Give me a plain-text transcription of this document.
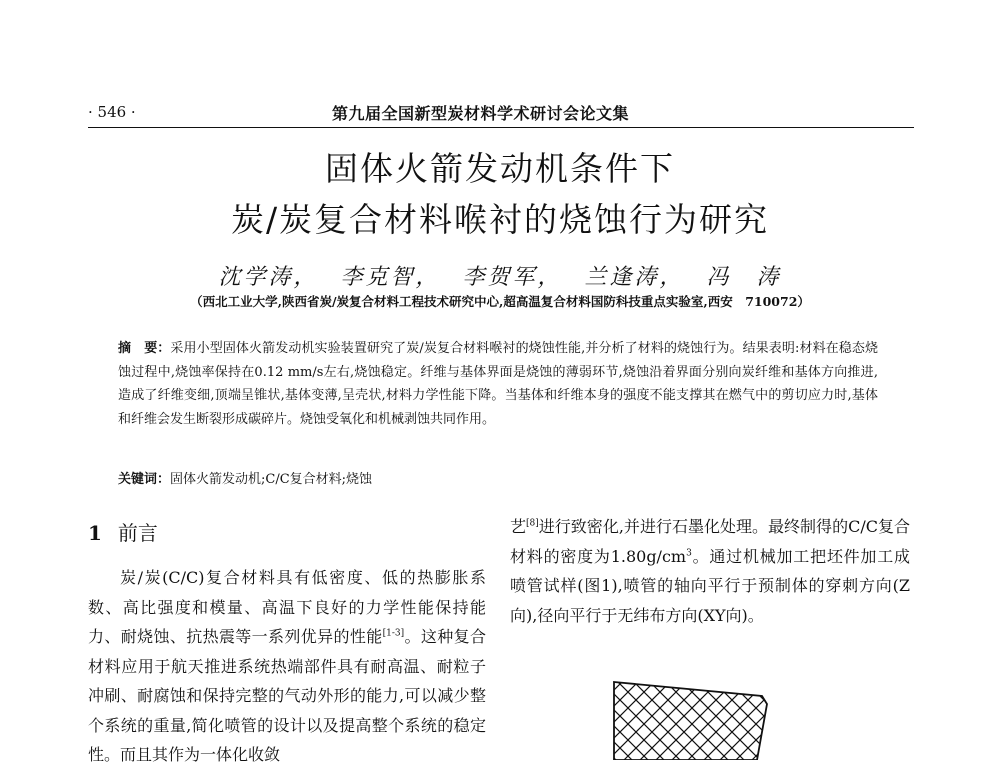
· 546 ·	第九届全国新型炭材料学术研讨会论文集
固体火箭发动机条件下
炭/炭复合材料喉衬的烧蚀行为研究
沈学涛， 李克智， 李贺军， 兰逢涛， 冯　涛
（西北工业大学,陕西省炭/炭复合材料工程技术研究中心,超高温复合材料国防科技重点实验室,西安　710072）
摘　要：采用小型固体火箭发动机实验装置研究了炭/炭复合材料喉衬的烧蚀性能,并分析了材料的烧蚀行为。结果表明:材料在稳态烧蚀过程中,烧蚀率保持在0.12 mm/s左右,烧蚀稳定。纤维与基体界面是烧蚀的薄弱环节,烧蚀沿着界面分别向炭纤维和基体方向推进,造成了纤维变细,顶端呈锥状,基体变薄,呈壳状,材料力学性能下降。当基体和纤维本身的强度不能支撑其在燃气中的剪切应力时,基体和纤维会发生断裂形成碳碎片。烧蚀受氧化和机械剥蚀共同作用。
关键词：固体火箭发动机;C/C复合材料;烧蚀
1 前言

炭/炭(C/C)复合材料具有低密度、低的热膨胀系数、高比强度和模量、高温下良好的力学性能保持能力、耐烧蚀、抗热震等一系列优异的性能[1-3]。这种复合材料应用于航天推进系统热端部件具有耐高温、耐粒子冲刷、耐腐蚀和保持完整的气动外形的能力,可以减少整个系统的重量,简化喷管的设计以及提高整个系统的稳定性。而且其作为一体化收敛

艺[8]进行致密化,并进行石墨化处理。最终制得的C/C复合材料的密度为$1.80g/cm^3$。通过机械加工把坯件加工成喷管试样(图1),喷管的轴向平行于预制体的穿刺方向(Z向),径向平行于无纬布方向(XY向)。
